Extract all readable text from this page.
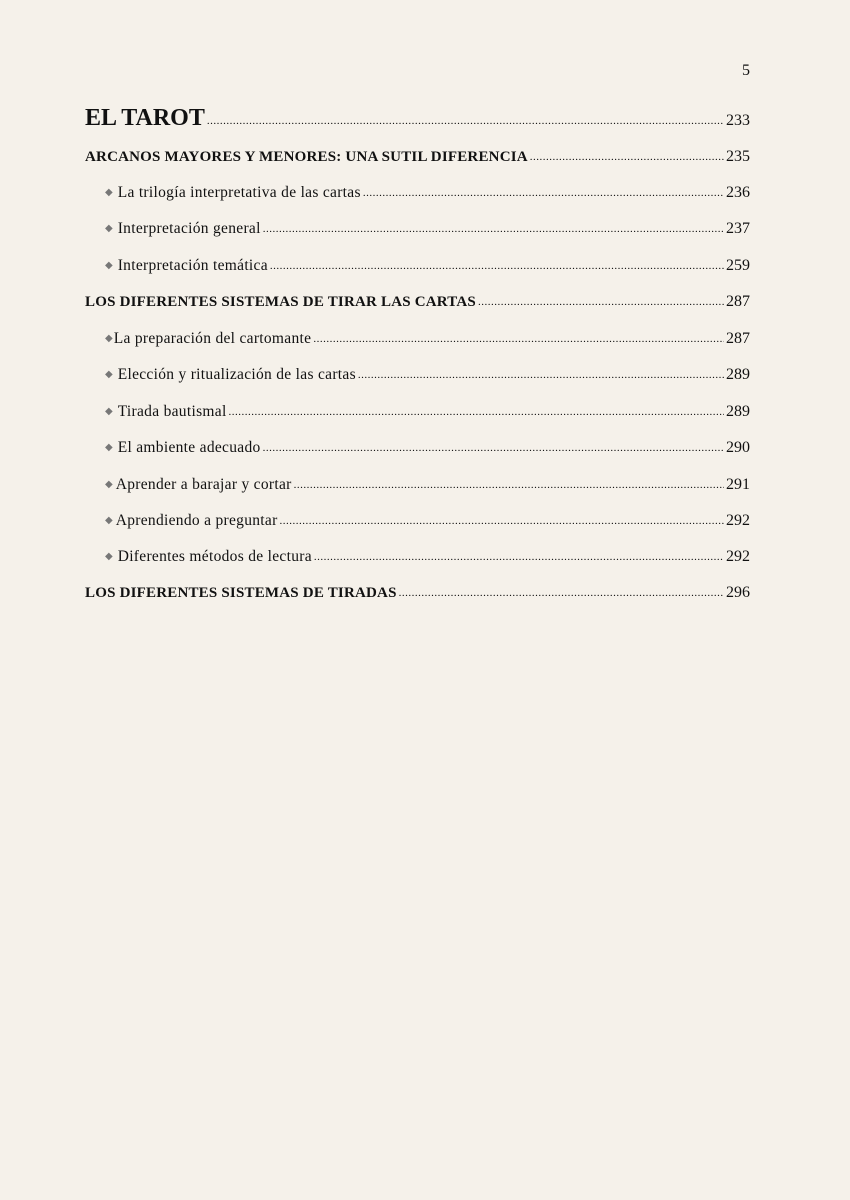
5
EL TAROT .....	233
ARCANOS MAYORES Y MENORES: UNA SUTIL DIFERENCIA .....	235
◆ La trilogía interpretativa de las cartas .....	236
◆ Interpretación general .....	237
◆ Interpretación temática .....	259
LOS DIFERENTES SISTEMAS DE TIRAR LAS CARTAS .....	287
◆ La preparación del cartomante .....	287
◆ Elección y ritualización de las cartas .....	289
◆ Tirada bautismal .....	289
◆ El ambiente adecuado .....	290
◆ Aprender a barajar y cortar .....	291
◆ Aprendiendo a preguntar .....	292
◆ Diferentes métodos de lectura .....	292
LOS DIFERENTES SISTEMAS DE TIRADAS .....	296
